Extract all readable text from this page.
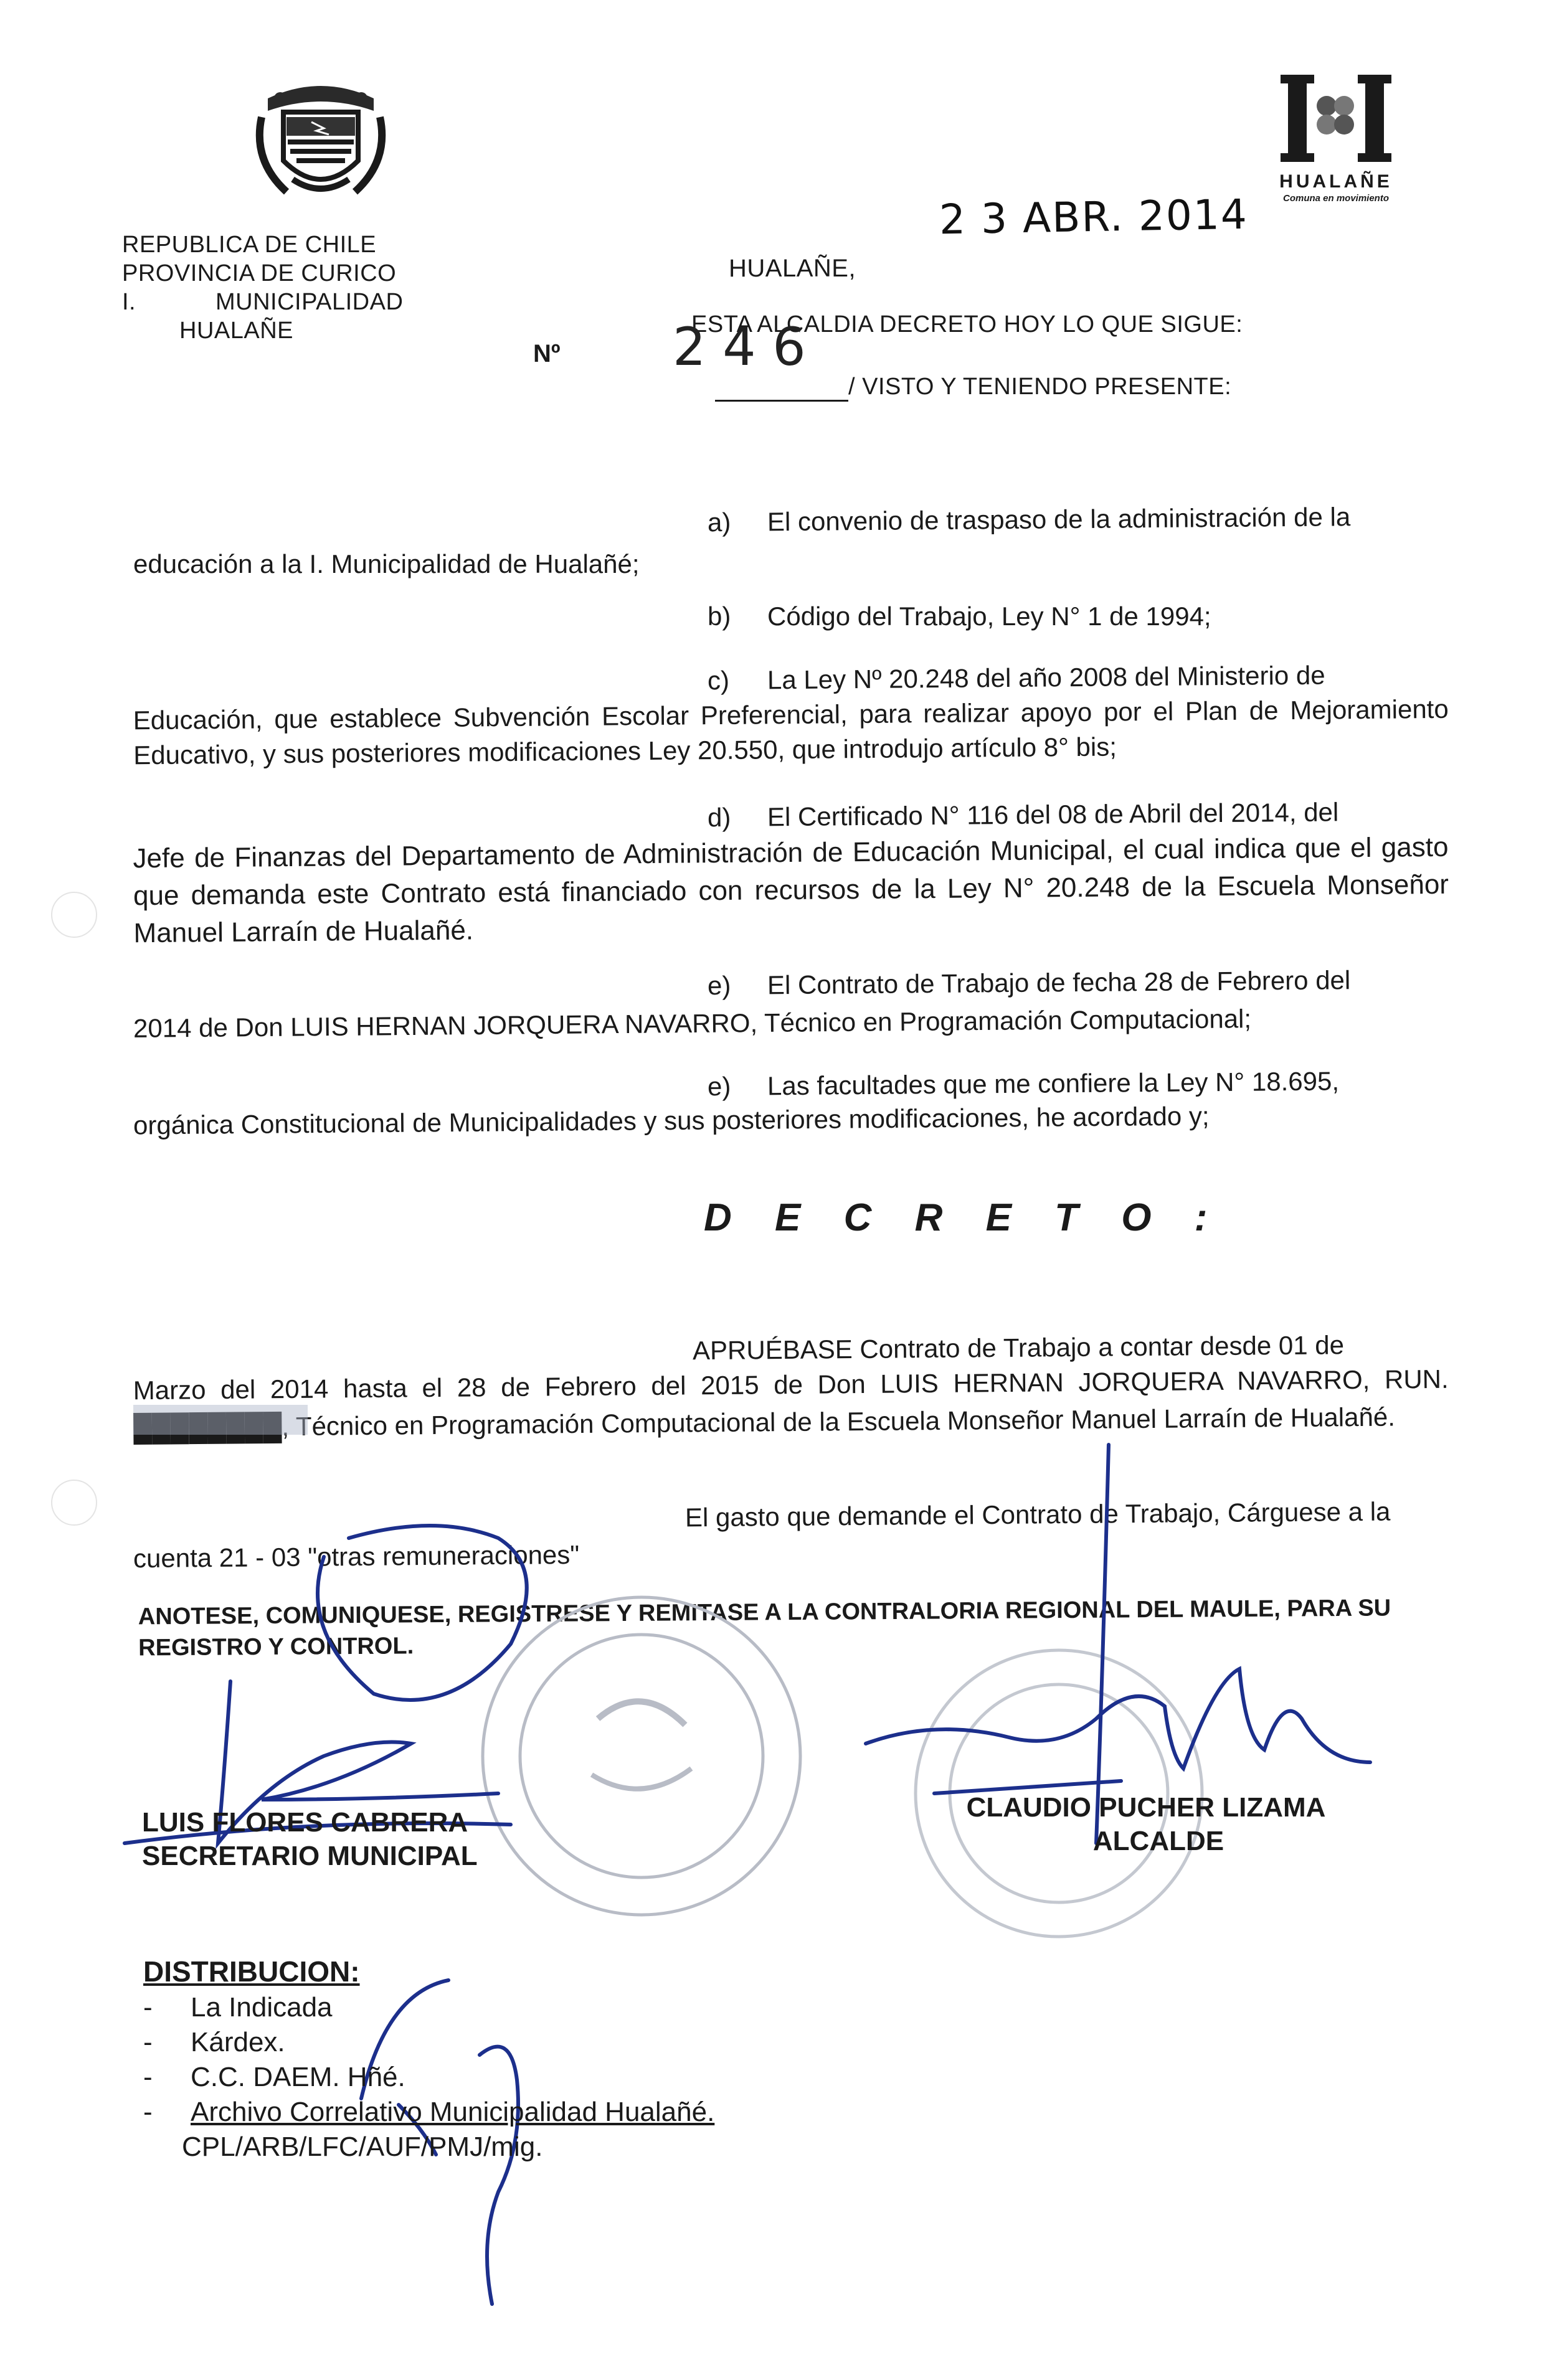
REPUBLICA DE CHILE
PROVINCIA DE CURICO
I.	MUNICIPALIDAD
HUALAÑE
HUALAÑE
Comuna en movimiento
2 3 ABR. 2014
HUALAÑE,
ESTA ALCALDIA DECRETO HOY LO QUE SIGUE:
Nº 2 4 6
/ VISTO Y TENIENDO PRESENTE:
a) El convenio de traspaso de la administración de la
educación a la I. Municipalidad de Hualañé;
b) Código del Trabajo, Ley N° 1 de 1994;
c) La Ley Nº 20.248 del año 2008 del Ministerio de
Educación, que establece Subvención Escolar Preferencial, para realizar apoyo por el Plan de Mejoramiento Educativo, y sus posteriores modificaciones Ley 20.550, que introdujo artículo 8° bis;
d) El Certificado N° 116 del 08 de Abril del 2014, del
Jefe de Finanzas del Departamento de Administración de Educación Municipal, el cual indica que el gasto que demanda este Contrato está financiado con recursos de la Ley N° 20.248 de la Escuela Monseñor Manuel Larraín de Hualañé.
e) El Contrato de Trabajo de fecha 28 de Febrero del
2014 de Don LUIS HERNAN JORQUERA NAVARRO, Técnico en Programación Computacional;
e) Las facultades que me confiere la Ley N° 18.695,
orgánica Constitucional de Municipalidades y sus posteriores modificaciones, he acordado y;
D E C R E T O :
APRUÉBASE Contrato de Trabajo a contar desde 01 de
Marzo del 2014 hasta el 28 de Febrero del 2015 de Don LUIS HERNAN JORQUERA NAVARRO, RUN. ████████, Técnico en Programación Computacional de la Escuela Monseñor Manuel Larraín de Hualañé.
El gasto que demande el Contrato de Trabajo, Cárguese a la
cuenta 21 - 03 "otras remuneraciones"
ANOTESE, COMUNIQUESE, REGISTRESE Y REMITASE A LA CONTRALORIA REGIONAL DEL MAULE, PARA SU REGISTRO Y CONTROL.
LUIS FLORES CABRERA
SECRETARIO MUNICIPAL
CLAUDIO PUCHER LIZAMA
ALCALDE
DISTRIBUCION:
-	La Indicada
-	Kárdex.
-	C.C. DAEM. Hñé.
-	Archivo Correlativo Municipalidad Hualañé.
CPL/ARB/LFC/AUF/PMJ/mig.
